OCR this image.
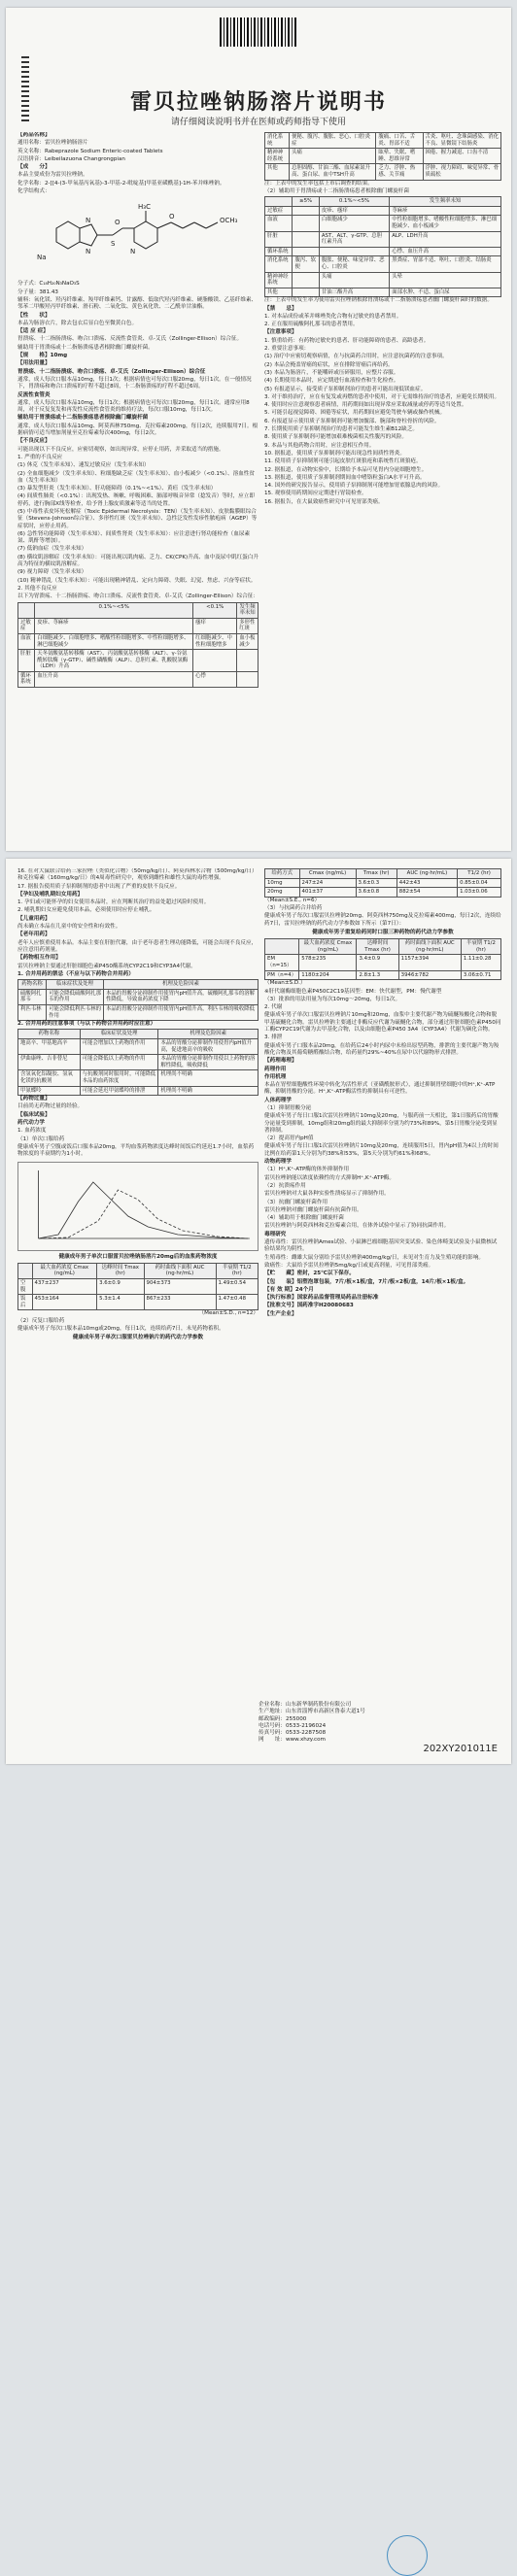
雷贝拉唑钠肠溶片说明书
请仔细阅读说明书并在医师或药师指导下使用

【药品名称】

通用名称：雷贝拉唑钠肠溶片

英文名称：Rabeprazole Sodium Enteric-coated Tablets

汉语拼音：Leibeilazuona Changrongpian

【成　　分】

本品主要成份为雷贝拉唑钠。

化学名称：2-[[4-(3-甲氧基丙氧基)-3-甲基-2-吡啶基]甲基亚磺酰基]-1H-苯并咪唑钠。

化学结构式：

N
N
S
O
N
H₃C
O	OCH₃
Na

分子式：C₁₈H₂₀N₃NaO₃S

分子量：381.43

辅料：氧化镁、羟丙纤维素、羧甲纤维素钙、甘露醇、低取代羟丙纤维素、硬脂酸镁、乙基纤维素、邻苯二甲酸羟丙甲纤维素、滑石粉、二氧化钛、黄色氧化铁、二乙酰单甘油酯。

【性　　状】

本品为肠溶衣片，除去包衣后显白色至微黄白色。

【适 应 症】

胃溃疡、十二指肠溃疡、吻合口溃疡、反流性食管炎、卓-艾氏（Zollinger-Ellison）综合征。

辅助用于胃溃疡或十二指肠溃疡患者根除幽门螺旋杆菌。

【规　　格】10mg

【用法用量】

胃溃疡、十二指肠溃疡、吻合口溃疡、卓-艾氏（Zollinger-Ellison）综合征

通常，成人每次口服本品10mg，每日1次；根据病情也可每次口服20mg，每日1次。在一般情况下，胃溃疡和吻合口溃疡的疗程不超过8周，十二指肠溃疡的疗程不超过6周。

反流性食管炎

通常，成人每次口服本品10mg，每日1次；根据病情也可每次口服20mg，每日1次。通常应用8周，对于反复复发和再发性反流性食管炎的维持疗法，每次口服10mg，每日1次。

辅助用于胃溃疡或十二指肠溃疡患者根除幽门螺旋杆菌

通常，成人每次口服本品10mg、阿莫西林750mg、克拉霉素200mg，每日2次，连续服用7日。根据病情可适当增加剂量至克拉霉素每次400mg，每日2次。

【不良反应】

可能出现以下不良反应，应密切观察，如出现异常，应停止用药，并采取适当的措施。

1. 严重的不良反应

(1) 休克（发生率未知）、速发过敏反应（发生率未知）

(2) 全血细胞减少（发生率未知）、粒细胞缺乏症（发生率未知）、血小板减少（<0.1%）、溶血性贫血（发生率未知）

(3) 暴发型肝炎（发生率未知）、肝功能障碍（0.1%~<1%）、黄疸（发生率未知）

(4) 间质性肺炎（<0.1%）：出现发热、咳嗽、呼吸困难、肺部呼吸音异常（捻发音）等时，应立即停药，进行胸部X线等检查，给予肾上腺皮质激素等适当的处置。

(5) 中毒性表皮坏死松解症（Toxic Epidermal Necrolysis：TEN）（发生率未知）、皮肤黏膜眼综合征（Stevens-Johnson综合征）、多形性红斑（发生率未知）、急性泛发性发疹性脓疱病（AGEP）等症状时，应停止用药。

(6) 急性肾功能障碍（发生率未知）、间质性肾炎（发生率未知）：应注意进行肾功能检查（血尿素氮、肌酐等增加）。

(7) 低钠血症（发生率未知）

(8) 横纹肌溶解症（发生率未知）：可能出现以肌肉痛、乏力、CK(CPK)升高、血中及尿中肌红蛋白升高为特征的横纹肌溶解症。

(9) 视力障碍（发生率未知）

(10) 精神错乱（发生率未知）：可能出现精神错乱、定向力障碍、失眠、幻觉、焦虑、兴奋等症状。

2. 其他不良反应

以下为胃溃疡、十二指肠溃疡、吻合口溃疡、反流性食管炎、卓-艾氏（Zollinger-Ellison）综合征：

	0.1%~<5%	<0.1%	发生频率未知
过敏症	皮疹、荨麻疹	瘙痒	多形性红斑
血液	白细胞减少、白细胞增多、嗜酸性粒细胞增多、中性粒细胞增多、淋巴细胞减少	红细胞减少、中性粒细胞增多	血小板减少
肝脏	天冬氨酸氨基转移酶（AST）、丙氨酸氨基转移酶（ALT）、γ-谷氨酰转肽酶（γ-GTP）、碱性磷酸酶（ALP）、总胆红素、乳酸脱氢酶（LDH）升高		
循环系统	血压升高	心悸	
消化系统	便秘、腹泻、腹胀、恶心、口腔炎症	腹痛、口苦、舌炎、胃部不适	舌炎、呕吐、念珠菌感染、消化不良、显微镜下结肠炎
精神神经系统	头痛	眩晕、失眠、嗜睡、思维异常	困倦、握力减退、口齿不清
其他	总胆固醇、甘油三酯、血尿素氮升高、蛋白尿、血中TSH升高	乏力、浮肿、热感、关节痛	浮肿、视力障碍、味觉异常、骨质疏松

注：上表中的发生率包括上市后调查的结果。

（2）辅助用于胃溃疡或十二指肠溃疡患者根除幽门螺旋杆菌

	≥5%	0.1%~<5%	发生频率未知
过敏症		皮疹、瘙痒	荨麻疹
血液		白细胞减少	中性粒细胞增多、嗜酸性粒细胞增多、淋巴细胞减少、血小板减少
肝脏		AST、ALT、γ-GTP、总胆红素升高	ALP、LDH升高
循环系统			心悸、血压升高
消化系统	腹泻、软便	腹胀、便秘、味觉异常、恶心、口腔炎	黑粪症、胃部不适、呕吐、口腔炎、结肠炎
精神神经系统		头痛	头晕
其他		甘油三酯升高	面部水肿、不适、蛋白尿

注：上表中的发生率为使用雷贝拉唑钠根除胃溃疡或十二指肠溃疡患者幽门螺旋杆菌时的数据。

【禁　　忌】

1. 对本品成份或苯并咪唑类化合物有过敏史的患者禁用。

2. 正在服用硫酸阿扎那韦的患者禁用。

【注意事项】

1. 慎重给药：有药物过敏史的患者、肝功能障碍的患者、高龄患者。

2. 重要注意事项：

(1) 治疗中应密切观察病情，在与抗菌药合用时，应注意抗菌药的注意事项。

(2) 本品会掩盖胃癌的症状，应在排除胃癌后再给药。

(3) 本品为肠溶片，不能嚼碎或压碎服用，应整片吞服。

(4) 长期使用本品时，应定期进行血液检查和生化检查。

(5) 有报道显示，接受质子泵抑制剂治疗的患者可能出现低镁血症。

3. 对于维持治疗，应在有复发或再燃的患者中使用，对于无需维持治疗的患者，应避免长期使用。

4. 使用时应注意观察患者病情，用药期间如出现异常应采取减量或停药等适当处置。

5. 可能引起视觉障碍、困倦等症状，用药期间应避免驾驶车辆或操作机械。

6. 有报道显示使用质子泵抑制剂可能增加髋部、腕部和脊柱骨折的风险。

7. 长期使用质子泵抑制剂治疗的患者可能发生维生素B12缺乏。

8. 使用质子泵抑制剂可能增加艰难梭菌相关性腹泻的风险。

9. 本品与其他药物合用时，应注意相互作用。

10. 据报道，使用质子泵抑制剂可能出现急性间质性肾炎。

11. 使用质子泵抑制剂可能引起皮肤红斑狼疮和系统性红斑狼疮。

12. 据报道，在动物实验中，长期给予本品可见胃内分泌细胞增生。

13. 据报道，使用质子泵抑制剂期间血中嗜铬粒蛋白A水平可升高。

14. 国外的研究报告显示，使用质子泵抑制剂可能增加胃底腺息肉的风险。

15. 观察使用药期间应定期进行胃镜检查。

16. 据报告，在大鼠致癌性研究中可见胃部类癌。

16. 在对大鼠联合给药三家拉唑（类似化合物）（50mg/kg/日）、阿莫西林水合物（500mg/kg/日）和克拉霉素（160mg/kg/日）的4周毒性研究中，观察到雌性和雄性大鼠的毒性增强。

17. 据报告使用质子泵抑制剂的患者中出现了严重的皮肤不良反应。

【孕妇及哺乳期妇女用药】

1. 孕妇或可能怀孕的妇女使用本品时，应在判断其治疗的益处超过风险时使用。

2. 哺乳期妇女应避免使用本品，必须使用时应停止哺乳。

【儿童用药】

尚未确立本品在儿童中的安全性和有效性。

【老年用药】

老年人应慎重使用本品。本品主要在肝脏代谢，由于老年患者生理功能降低，可能会出现不良反应，应注意用药剂量。

【药物相互作用】

雷贝拉唑钠主要通过肝脏细胞色素P450酶系统CYP2C19和CYP3A4代谢。

1. 合并用药的禁忌（不应与以下药物合并用药）

药物名称	临床症状及处理	机理及危险因素
硫酸阿扎那韦	可能会降低硫酸阿扎那韦的作用	本品的胃酸分泌抑制作用使胃内pH值升高，硫酸阿扎那韦的溶解性降低，导致血药浓度下降
利匹韦林	可能会降低利匹韦林的作用	本品的胃酸分泌抑制作用使胃内pH值升高，利匹韦林的吸收降低

2. 合并用药的注意事项（与以下药物合并用药时应注意）

药物名称	临床症状及处理	机理及危险因素
地高辛、甲基地高辛	可能会增加以上药物的作用	本品的胃酸分泌抑制作用使胃内pH值升高，促进地高辛的吸收
伊曲康唑、吉非替尼	可能会降低以上药物的作用	本品的胃酸分泌抑制作用使以上药物的溶解性降低，吸收降低
含氢氧化铝凝胶、氢氧化镁的抗酸剂	与抗酸剂同时服用时，可能降低本品的血药浓度	机理尚不明确
甲氨蝶呤	可能会延迟甲氨蝶呤的排泄	机理尚不明确

【药物过量】

目前尚无药物过量的经验。

【临床试验】

药代动力学

1. 血药浓度

（1）单次口服给药

健康成年男子空腹或饭后口服本品20mg，平均血浆药物浓度达峰时间饭后约延迟1.7小时，血浆药物浓度的半衰期约为1小时。

健康成年男子单次口服雷贝拉唑钠肠溶片20mg后的血浆药物浓度
	最大血药浓度 Cmax (ng/mL)	达峰时间 Tmax (hr)	药时曲线下面积 AUC (ng·hr/mL)	半衰期 T1/2 (hr)
空腹	437±237	3.6±0.9	904±373	1.49±0.54
饭后	453±164	5.3±1.4	867±233	1.47±0.48

（Mean±S.D., n=12）

（2）反复口服给药

健康成年男子每次口服本品10mg或20mg，每日1次，连续给药7日，未见药物蓄积。

健康成年男子单次口服雷贝拉唑钠片的药代动力学参数
给药方式	Cmax (ng/mL)	Tmax (hr)	AUC (ng·hr/mL)	T1/2 (hr)
10mg	247±24	3.6±0.3	442±43	0.85±0.04
20mg	401±37	3.6±0.8	882±54	1.03±0.06

（Mean±S.E., n=6）

（3）与抗菌药合并给药

健康成年男子每次口服雷贝拉唑钠20mg、阿莫西林750mg及克拉霉素400mg，每日2次，连续给药7日，雷贝拉唑钠的药代动力学参数如下所示（第7日）：

健康成年男子重复给药同时口服三种药物的药代动力学参数
	最大血药浓度 Cmax (ng/mL)	达峰时间 Tmax (hr)	药时曲线下面积 AUC (ng·hr/mL)	半衰期 T1/2 (hr)
EM（n=15）	578±235	3.4±0.9	1157±394	1.11±0.28
PM（n=4）	1180±204	2.8±1.3	3946±782	3.06±0.71

（Mean±S.D.）

※肝代谢酶细胞色素P450C2C19基因型：EM：快代谢型，PM：慢代谢型

（3）批准的用法用量为每次10mg～20mg，每日1次。

2. 代谢

健康成年男子单次口服雷贝拉唑钠片10mg和20mg，血浆中主要代谢产物为硫醚羧酸化合物和脱甲基硫醚化合物。雷贝拉唑钠主要通过非酶反应代谢为硫醚化合物，部分通过肝脏细胞色素P450同工酶CYP2C19代谢为去甲基化合物，以及由细胞色素P450 3A4（CYP3A4）代谢为砜化合物。

3. 排泄

健康成年男子口服本品20mg，在给药后24小时内尿中未检出原型药物，排泄的主要代谢产物为羧酸化合物及其葡萄糖醛酸结合物，给药量约29%~40%在尿中以代谢物形式排泄。

【药理毒理】

药理作用

作用机理

本品在胃壁细胞酸性环境中转化为活性形式（亚磺酰胺形式），通过抑制胃壁细胞中的H⁺,K⁺-ATP酶，抑制胃酸的分泌。H⁺,K⁺-ATP酶活性的抑制具有可逆性。

人体药理学

（1）抑制胃酸分泌

健康成年男子每日口服1次雷贝拉唑钠片10mg及20mg，与服药前一天相比，第1日服药后的胃酸分泌量受到抑制，10mg组和20mg组的最大抑制率分别为约73%和89%，第5日胃酸分泌受到显著抑制。

（2）提高胃内pH值

健康成年男子每日口服1次雷贝拉唑钠片10mg及20mg，连续服用5日，胃内pH值为4以上的时间比例在给药第1天分别为约38%和53%，第5天分别为约61%和68%。

动物药理学

（1）H⁺,K⁺-ATP酶的体外抑制作用

雷贝拉唑钠能以浓度依赖性的方式抑制H⁺,K⁺-ATP酶。

（2）抗溃疡作用

雷贝拉唑钠对大鼠各种实验性溃疡显示了抑制作用。

（3）抗幽门螺旋杆菌作用

雷贝拉唑钠对幽门螺旋杆菌有抗菌作用。

（4）辅助用于根除幽门螺旋杆菌

雷贝拉唑钠与阿莫西林和克拉霉素合用，在体外试验中显示了协同抗菌作用。

毒理研究

遗传毒性：雷贝拉唑钠Ames试验、小鼠淋巴瘤细胞基因突变试验、染色体畸变试验及小鼠微核试验结果均为阴性。

生殖毒性：雌雄大鼠分别给予雷贝拉唑钠400mg/kg/日，未见对生育力及生殖功能的影响。

致癌性：大鼠给予雷贝拉唑钠5mg/kg/日或更高剂量，可见胃部类癌。

【贮　　藏】密封，25℃以下保存。

【包　　装】铝塑泡罩包装，7片/板×1板/盒，7片/板×2板/盒，14片/板×1板/盒。

【有 效 期】24个月

【执行标准】国家药品监督管理局药品注册标准

【批准文号】国药准字H20080683

【生产企业】

202XY201011E
企业名称：山东新华制药股份有限公司
生产地址：山东省淄博市高新区鲁泰大道1号
邮政编码：255000
电话号码：0533-2196024
传真号码：0533-2287508
网　　址：www.xhzy.com
